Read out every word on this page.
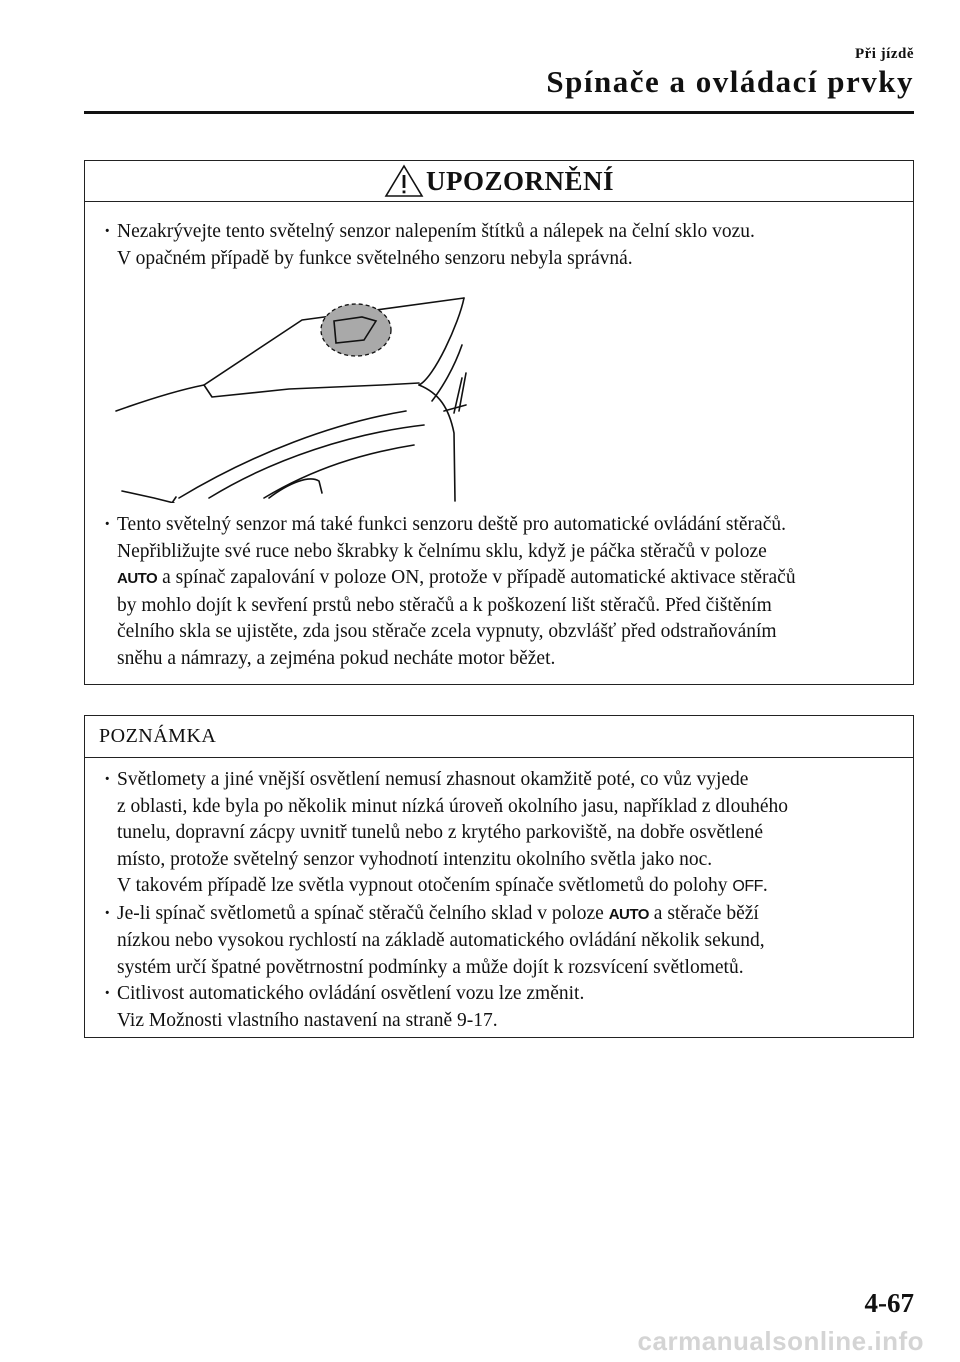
Při jízdě
Spínače a ovládací prvky
UPOZORNĚNÍ
· Nezakrývejte tento světelný senzor nalepením štítků a nálepek na čelní sklo vozu.
V opačném případě by funkce světelného senzoru nebyla správná.
· Tento světelný senzor má také funkci senzoru deště pro automatické ovládání stěračů.
Nepřibližujte své ruce nebo škrabky k čelnímu sklu, když je páčka stěračů v poloze
AUTO a spínač zapalování v poloze ON, protože v případě automatické aktivace stěračů
by mohlo dojít k sevření prstů nebo stěračů a k poškození lišt stěračů. Před čištěním
čelního skla se ujistěte, zda jsou stěrače zcela vypnuty, obzvlášť před odstraňováním
sněhu a námrazy, a zejména pokud necháte motor běžet.
POZNÁMKA
· Světlomety a jiné vnější osvětlení nemusí zhasnout okamžitě poté, co vůz vyjede
z oblasti, kde byla po několik minut nízká úroveň okolního jasu, například z dlouhého
tunelu, dopravní zácpy uvnitř tunelů nebo z krytého parkoviště, na dobře osvětlené
místo, protože světelný senzor vyhodnotí intenzitu okolního světla jako noc.
V takovém případě lze světla vypnout otočením spínače světlometů do polohy OFF.
· Je-li spínač světlometů a spínač stěračů čelního sklad v poloze AUTO a stěrače běží
nízkou nebo vysokou rychlostí na základě automatického ovládání několik sekund,
systém určí špatné povětrnostní podmínky a může dojít k rozsvícení světlometů.
· Citlivost automatického ovládání osvětlení vozu lze změnit.
Viz Možnosti vlastního nastavení na straně 9-17.
4-67
carmanualsonline.info
